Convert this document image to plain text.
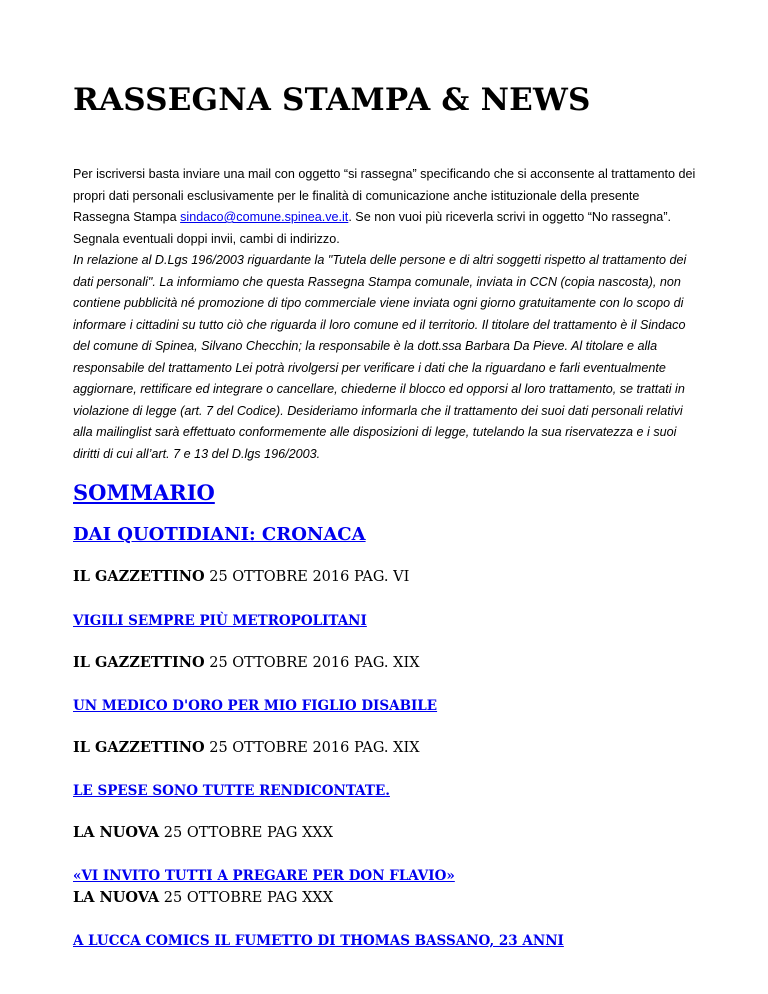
RASSEGNA STAMPA & NEWS
Per iscriversi basta inviare una mail con oggetto “si rassegna” specificando che si acconsente al trattamento dei propri dati personali esclusivamente per le finalità di comunicazione anche istituzionale della presente Rassegna Stampa sindaco@comune.spinea.ve.it. Se non vuoi più riceverla scrivi in oggetto “No rassegna”. Segnala eventuali doppi invii, cambi di indirizzo.
In relazione al D.Lgs 196/2003 riguardante la "Tutela delle persone e di altri soggetti rispetto al trattamento dei dati personali". La informiamo che questa Rassegna Stampa comunale, inviata in CCN (copia nascosta), non contiene pubblicità né promozione di tipo commerciale viene inviata ogni giorno gratuitamente con lo scopo di informare i cittadini su tutto ciò che riguarda il loro comune ed il territorio. Il titolare del trattamento è il Sindaco del comune di Spinea, Silvano Checchin; la responsabile è la dott.ssa Barbara Da Pieve. Al titolare e alla responsabile del trattamento Lei potrà rivolgersi per verificare i dati che la riguardano e farli eventualmente aggiornare, rettificare ed integrare o cancellare, chiederne il blocco ed opporsi al loro trattamento, se trattati in violazione di legge (art. 7 del Codice). Desideriamo informarla che il trattamento dei suoi dati personali relativi alla mailinglist sarà effettuato conformemente alle disposizioni di legge, tutelando la sua riservatezza e i suoi diritti di cui all’art. 7 e 13 del D.lgs 196/2003.
SOMMARIO
DAI QUOTIDIANI: CRONACA
IL GAZZETTINO 25 OTTOBRE 2016 PAG. VI
VIGILI SEMPRE PIÙ METROPOLITANI
IL GAZZETTINO 25 OTTOBRE 2016 PAG. XIX
UN MEDICO D'ORO PER MIO FIGLIO DISABILE
IL GAZZETTINO 25 OTTOBRE 2016 PAG. XIX
LE SPESE SONO TUTTE RENDICONTATE.
LA NUOVA 25 OTTOBRE PAG XXX
«VI INVITO TUTTI A PREGARE PER DON FLAVIO»
LA NUOVA 25 OTTOBRE PAG XXX
A LUCCA COMICS IL FUMETTO DI THOMAS BASSANO, 23 ANNI
